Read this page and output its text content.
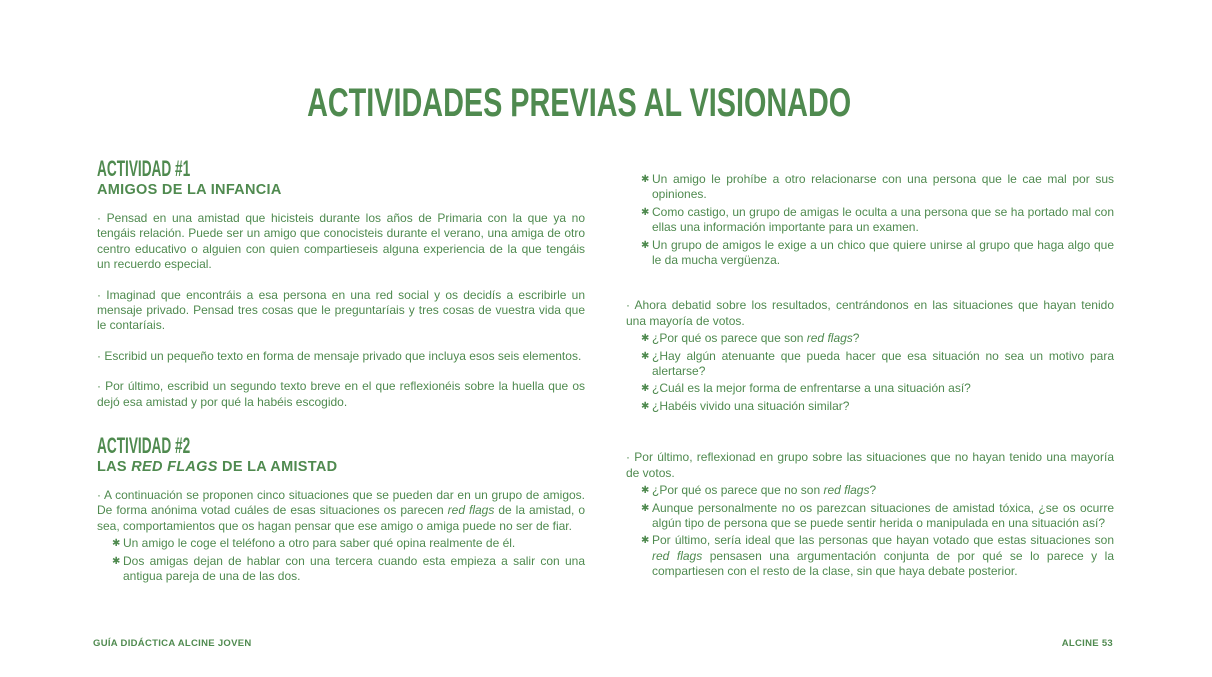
ACTIVIDADES PREVIAS AL VISIONADO
ACTIVIDAD #1
AMIGOS DE LA INFANCIA

· Pensad en una amistad que hicisteis durante los años de Primaria con la que ya no tengáis relación. Puede ser un amigo que conocisteis durante el verano, una amiga de otro centro educativo o alguien con quien compartieseis alguna experiencia de la que tengáis un recuerdo especial.

· Imaginad que encontráis a esa persona en una red social y os decidís a escribirle un mensaje privado. Pensad tres cosas que le preguntaríais y tres cosas de vuestra vida que le contaríais.

· Escribid un pequeño texto en forma de mensaje privado que incluya esos seis elementos.

· Por último, escribid un segundo texto breve en el que reflexionéis sobre la huella que os dejó esa amistad y por qué la habéis escogido.

ACTIVIDAD #2
LAS RED FLAGS DE LA AMISTAD

· A continuación se proponen cinco situaciones que se pueden dar en un grupo de amigos. De forma anónima votad cuáles de esas situaciones os parecen red flags de la amistad, o sea, comportamientos que os hagan pensar que ese amigo o amiga puede no ser de fiar.

✱ Un amigo le coge el teléfono a otro para saber qué opina realmente de él.
✱ Dos amigas dejan de hablar con una tercera cuando esta empieza a salir con una antigua pareja de una de las dos.
✱ Un amigo le prohíbe a otro relacionarse con una persona que le cae mal por sus opiniones.
✱ Como castigo, un grupo de amigas le oculta a una persona que se ha portado mal con ellas una información importante para un examen.
✱ Un grupo de amigos le exige a un chico que quiere unirse al grupo que haga algo que le da mucha vergüenza.

· Ahora debatid sobre los resultados, centrándonos en las situaciones que hayan tenido una mayoría de votos.

✱ ¿Por qué os parece que son red flags?
✱ ¿Hay algún atenuante que pueda hacer que esa situación no sea un motivo para alertarse?
✱ ¿Cuál es la mejor forma de enfrentarse a una situación así?
✱ ¿Habéis vivido una situación similar?

· Por último, reflexionad en grupo sobre las situaciones que no hayan tenido una mayoría de votos.

✱ ¿Por qué os parece que no son red flags?
✱ Aunque personalmente no os parezcan situaciones de amistad tóxica, ¿se os ocurre algún tipo de persona que se puede sentir herida o manipulada en una situación así?
✱ Por último, sería ideal que las personas que hayan votado que estas situaciones son red flags pensasen una argumentación conjunta de por qué se lo parece y la compartiesen con el resto de la clase, sin que haya debate posterior.
GUÍA DIDÁCTICA ALCINE JOVEN	ALCINE 53
